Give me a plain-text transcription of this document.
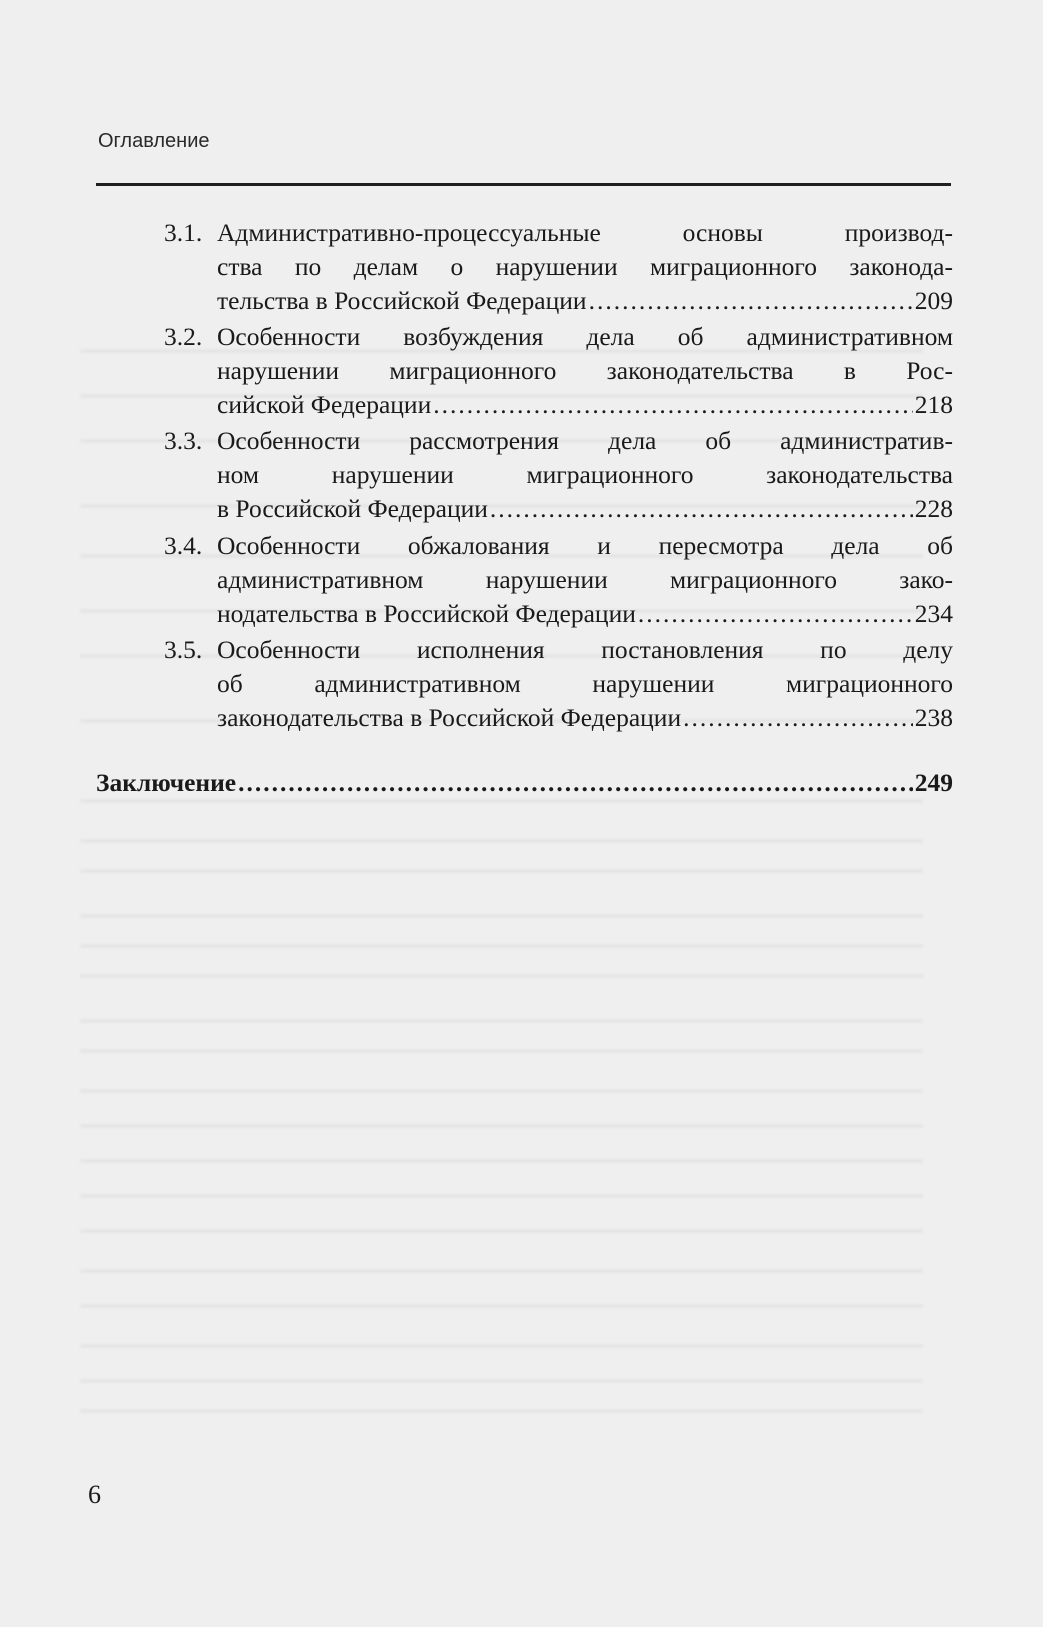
Оглавление
3.1. Административно-процессуальные основы производ-
ства по делам о нарушении миграционного законода-
тельства в Российской Федерации .....	209
3.2. Особенности возбуждения дела об административном
нарушении миграционного законодательства в Рос-
сийской Федерации .....	218
3.3. Особенности рассмотрения дела об административ-
ном нарушении миграционного законодательства
в Российской Федерации .....	228
3.4. Особенности обжалования и пересмотра дела об
административном нарушении миграционного зако-
нодательства в Российской Федерации .....	234
3.5. Особенности исполнения постановления по делу
об административном нарушении миграционного
законодательства в Российской Федерации .....	238
Заключение .....	249
6
